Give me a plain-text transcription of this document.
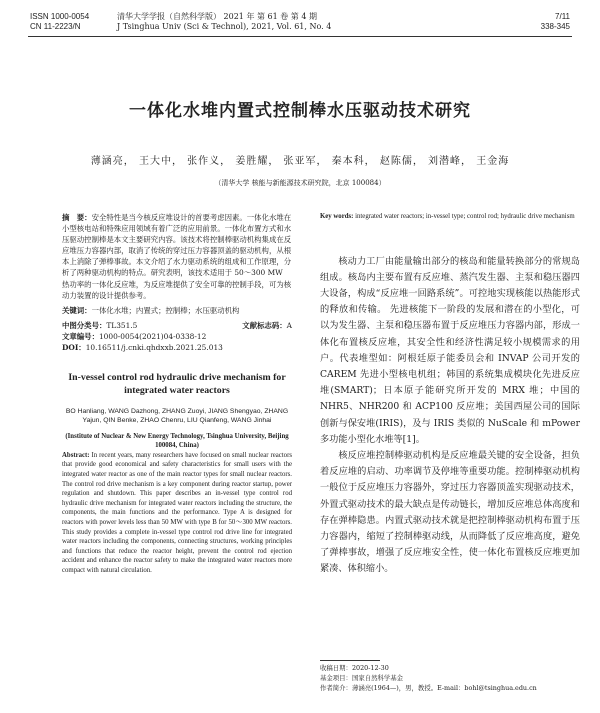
ISSN 1000-0054
CN 11-2223/N
清华大学学报（自然科学版） 2021 年 第 61 卷 第 4 期
J Tsinghua Univ (Sci & Technol), 2021, Vol. 61, No. 4
7/11
338-345
一体化水堆内置式控制棒水压驱动技术研究
薄涵亮， 王大中， 张作义， 姜胜耀， 张亚军， 秦本科， 赵陈儒， 刘潜峰， 王金海
（清华大学 核能与新能源技术研究院，北京 100084）

摘　要：安全特性是当今核反应堆设计的首要考虑因素。一体化水堆在小型核电站和特殊应用领域有着广泛的应用前景。一体化布置方式和水压驱动控制棒是本文主要研究内容。该技术将控制棒驱动机构集成在反应堆压力容器内部，取消了传统的穿过压力容器顶盖的驱动机构，从根本上消除了弹棒事故。本文介绍了水力驱动系统的组成和工作原理，分析了两种驱动机构的特点。研究表明，该技术适用于 50～300 MW 热功率的一体化反应堆，为反应堆提供了安全可靠的控制手段，可为核动力装置的设计提供参考。

关键词：一体化水堆；内置式；控制棒；水压驱动机构

中图分类号：TL351.5	文献标志码：A
文章编号：1000-0054(2021)04-0338-12
DOI：10.16511/j.cnki.qhdxxb.2021.25.013
In-vessel control rod hydraulic drive mechanism for integrated water reactors
BO Hanliang, WANG Dazhong, ZHANG Zuoyi, JIANG Shengyao, ZHANG Yajun, QIN Benke, ZHAO Chenru, LIU Qianfeng, WANG Jinhai
(Institute of Nuclear & New Energy Technology, Tsinghua University, Beijing 100084, China)

Abstract: In recent years, many researchers have focused on small nuclear reactors that provide good economical and safety characteristics for small users with the integrated water reactor as one of the main reactor types for small nuclear reactors. The control rod drive mechanism is a key component during reactor startup, power regulation and shutdown. This paper describes an in-vessel type control rod hydraulic drive mechanism for integrated water reactors including the structure, the components, the main functions and the performance. Type A is designed for reactors with power levels less than 50 MW with type B for 50～300 MW reactors. This study provides a complete in-vessel type control rod drive line for integrated water reactors including the components, connecting structures, working principles and functions that reduce the reactor height, prevent the control rod ejection accident and enhance the reactor safety to make the integrated water reactors more compact with natural circulation.

Key words: integrated water reactors; in-vessel type; control rod; hydraulic drive mechanism

核动力工厂由能量输出部分的核岛和能量转换部分的常规岛组成。核岛内主要布置有反应堆、蒸汽发生器、主泵和稳压器四大设备，构成“反应堆一回路系统”。可控地实现核能以热能形式的释放和传输。 先进核能下一阶段的发展和潜在的小型化，可以为发生器、主泵和稳压器布置于反应堆压力容器内部，形成一体化布置核反应堆，其安全性和经济性满足较小规模需求的用户。代表堆型如：阿根廷原子能委员会和 INVAP 公司开发的 CAREM 先进小型核电机组；韩国的系统集成模块化先进反应堆(SMART)；日本原子能研究所开发的 MRX 堆；中国的 NHR5、NHR200 和 ACP100 反应堆；美国西屋公司的国际创新与保安堆(IRIS)，及与 IRIS 类似的 NuScale 和 mPower 多功能小型化水堆等[1]。

核反应堆控制棒驱动机构是反应堆最关键的安全设备，担负着反应堆的启动、功率调节及停堆等重要功能。控制棒驱动机构一般位于反应堆压力容器外，穿过压力容器顶盖实现驱动技术，外置式驱动技术的最大缺点是传动链长，增加反应堆总体高度和存在弹棒隐患。内置式驱动技术就是把控制棒驱动机构布置于压力容器内，缩短了控制棒驱动线，从而降低了反应堆高度，避免了弹棒事故，增强了反应堆安全性，使一体化布置核反应堆更加紧凑、体积缩小。

收稿日期：2020-12-30
基金项目：国家自然科学基金
作者简介：薄涵亮(1964—)，男，教授。E-mail：bohl@tsinghua.edu.cn
